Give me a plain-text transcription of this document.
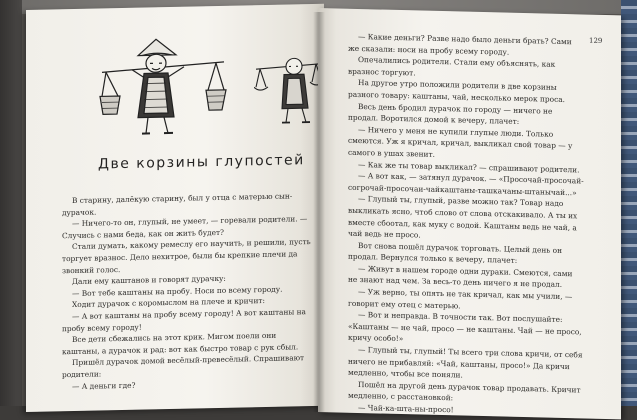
Две корзины глупостей

В старину, далёкую старину, был у отца с матерью сын-дурачок.

— Ничего-то он, глупый, не умеет, — горевали родители. — Случись с нами беда, как он жить будет?

Стали думать, какому ремеслу его научить, и решили, пусть торгует вразнос. Дело нехитрое, были бы крепкие плечи да звонкий голос.

Дали ему каштанов и говорят дурачку:

— Вот тебе каштаны на пробу. Носи по всему городу.

Ходит дурачок с коромыслом на плече и кричит:

— А вот каштаны на пробу всему городу! А вот каштаны на пробу всему городу!

Все дети сбежались на этот крик. Мигом поели они каштаны, а дурачок и рад: вот как быстро товар с рук сбыл.

Пришёл дурачок домой весёлый-превесёлый. Спрашивают родители:

— А деньги где?

129

— Какие деньги? Разве надо было деньги брать? Сами же сказали: носи на пробу всему городу.

Опечалились родители. Стали ему объяснять, как вразнос торгуют.

На другое утро положили родители в две корзины разного товару: каштаны, чай, несколько мерок проса.

Весь день бродил дурачок по городу — ничего не продал. Воротился домой к вечеру, плачет:

— Ничего у меня не купили глупые люди. Только смеются. Уж я кричал, кричал, выкликал свой товар — у самого в ушах звенит.

— Как же ты товар выкликал? — спрашивают родители.

— А вот как, — затянул дурачок. — «Просочай-просочай-согрочай-просочаи-чайкаштаны-ташкачаны-штанычай...»

— Глупый ты, глупый, разве можно так? Товар надо выкликать ясно, чтоб слово от слова отскакивало. А ты их вместе сбоотал, как муку с водой. Каштаны ведь не чай, а чай ведь не просо.

Вот снова пошёл дурачок торговать. Целый день он продал. Вернулся только к вечеру, плачет:

— Живут в нашем городе одни дураки. Смеются, сами не знают над чем. За весь-то день ничего я не продал.

— Уж верно, ты опять не так кричал, как мы учили, — говорит ему отец с матерью.

— Вот и неправда. В точности так. Вот послушайте: «Каштаны — не чай, просо — не каштаны. Чай — не просо, кричу особо!»

— Глупый ты, глупый! Ты всего три слова кричи, от себя ничего не прибавляй: «Чай, каштаны, просо!» Да кричи медленно, чтобы все поняли.

Пошёл на другой день дурачок товар продавать. Кричит медленно, с расстановкой:

— Чай-ка-шта-ны-просо!
